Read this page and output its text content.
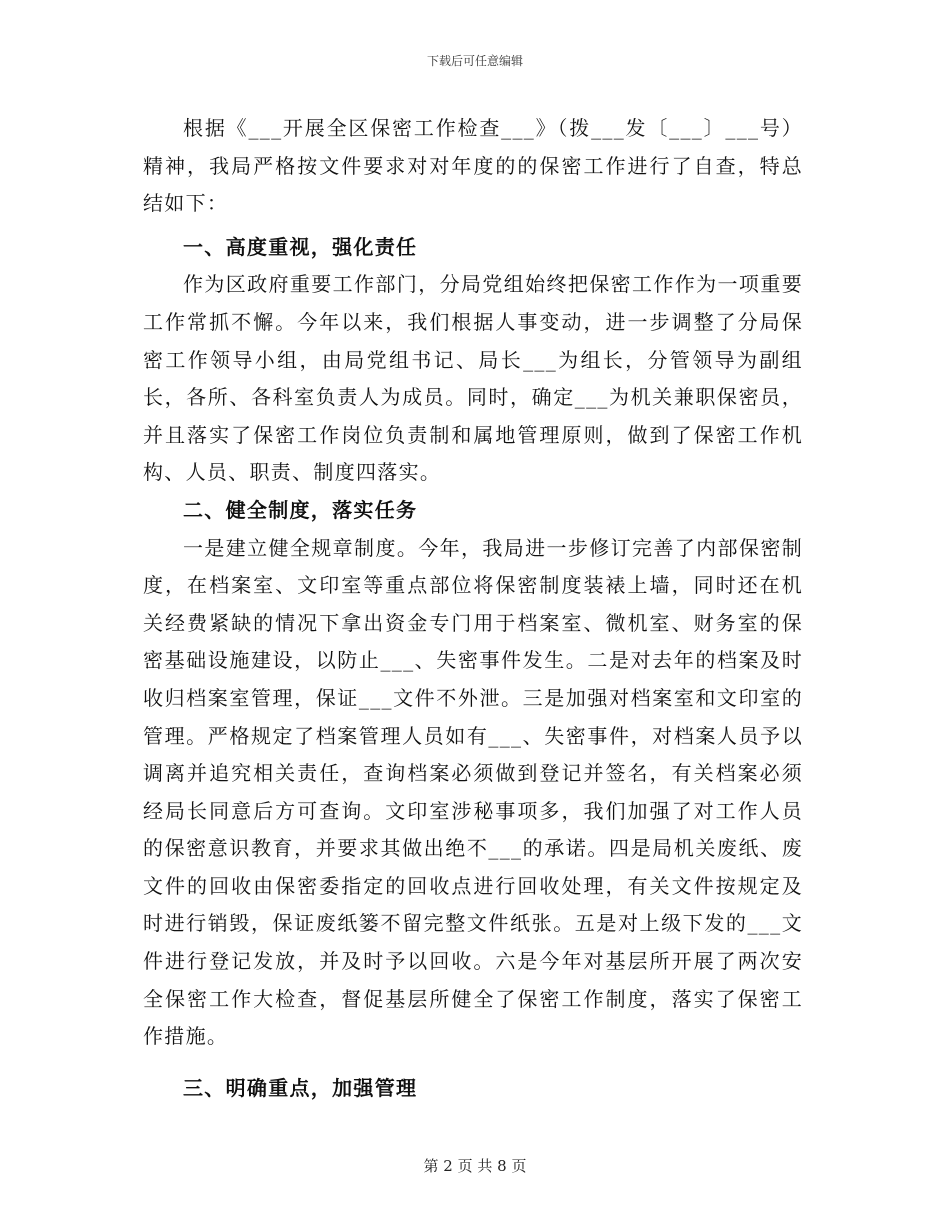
下载后可任意编辑

根据《___开展全区保密工作检查___》（拨___发〔___〕___号）精神，我局严格按文件要求对对年度的的保密工作进行了自查，特总结如下：

一、高度重视，强化责任

作为区政府重要工作部门，分局党组始终把保密工作作为一项重要工作常抓不懈。今年以来，我们根据人事变动，进一步调整了分局保密工作领导小组，由局党组书记、局长___为组长，分管领导为副组长，各所、各科室负责人为成员。同时，确定___为机关兼职保密员，并且落实了保密工作岗位负责制和属地管理原则，做到了保密工作机构、人员、职责、制度四落实。

二、健全制度，落实任务

一是建立健全规章制度。今年，我局进一步修订完善了内部保密制度，在档案室、文印室等重点部位将保密制度装裱上墙，同时还在机关经费紧缺的情况下拿出资金专门用于档案室、微机室、财务室的保密基础设施建设，以防止___、失密事件发生。二是对去年的档案及时收归档案室管理，保证___文件不外泄。三是加强对档案室和文印室的管理。严格规定了档案管理人员如有___、失密事件，对档案人员予以调离并追究相关责任，查询档案必须做到登记并签名，有关档案必须经局长同意后方可查询。文印室涉秘事项多，我们加强了对工作人员的保密意识教育，并要求其做出绝不___的承诺。四是局机关废纸、废文件的回收由保密委指定的回收点进行回收处理，有关文件按规定及时进行销毁，保证废纸篓不留完整文件纸张。五是对上级下发的___文件进行登记发放，并及时予以回收。六是今年对基层所开展了两次安全保密工作大检查，督促基层所健全了保密工作制度，落实了保密工作措施。

三、明确重点，加强管理

第 2 页 共 8 页
